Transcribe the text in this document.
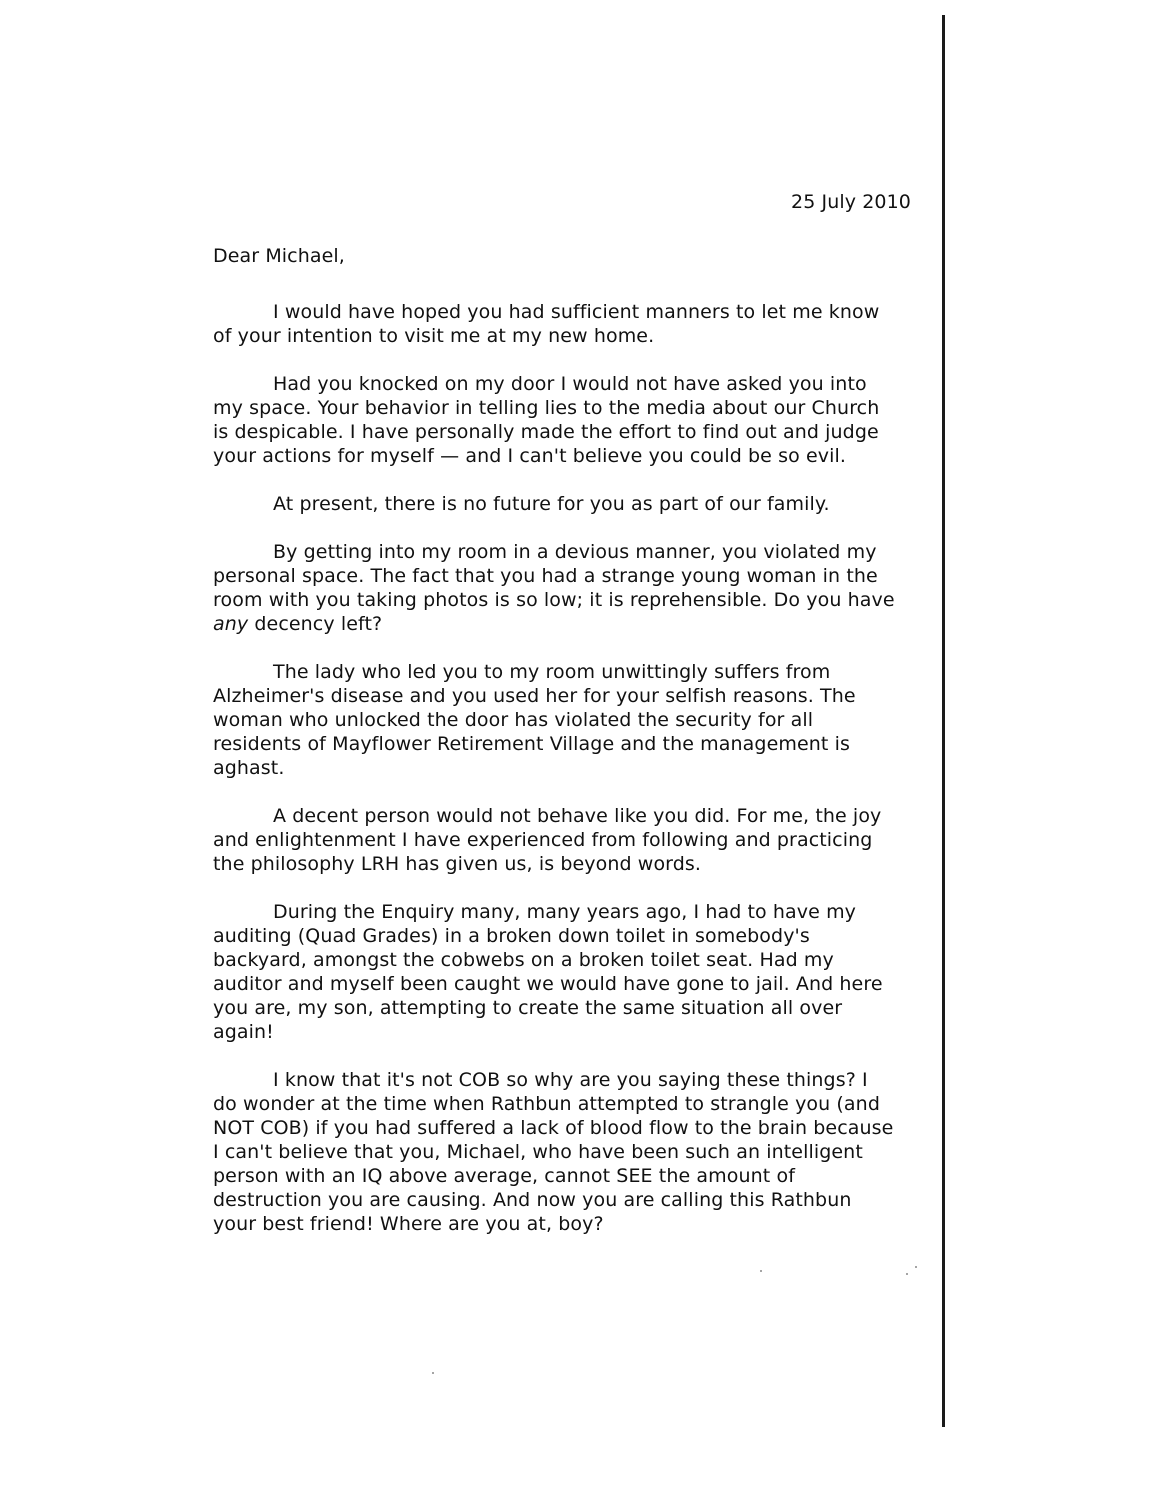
25 July 2010
Dear Michael,
I would have hoped you had sufficient manners to let me know
of your intention to visit me at my new home.
Had you knocked on my door I would not have asked you into
my space. Your behavior in telling lies to the media about our Church
is despicable. I have personally made the effort to find out and judge
your actions for myself — and I can't believe you could be so evil.
At present, there is no future for you as part of our family.
By getting into my room in a devious manner, you violated my
personal space. The fact that you had a strange young woman in the
room with you taking photos is so low; it is reprehensible. Do you have
any decency left?
The lady who led you to my room unwittingly suffers from
Alzheimer's disease and you used her for your selfish reasons. The
woman who unlocked the door has violated the security for all
residents of Mayflower Retirement Village and the management is
aghast.
A decent person would not behave like you did. For me, the joy
and enlightenment I have experienced from following and practicing
the philosophy LRH has given us, is beyond words.
During the Enquiry many, many years ago, I had to have my
auditing (Quad Grades) in a broken down toilet in somebody's
backyard, amongst the cobwebs on a broken toilet seat. Had my
auditor and myself been caught we would have gone to jail. And here
you are, my son, attempting to create the same situation all over
again!
I know that it's not COB so why are you saying these things? I
do wonder at the time when Rathbun attempted to strangle you (and
NOT COB) if you had suffered a lack of blood flow to the brain because
I can't believe that you, Michael, who have been such an intelligent
person with an IQ above average, cannot SEE the amount of
destruction you are causing. And now you are calling this Rathbun
your best friend! Where are you at, boy?
